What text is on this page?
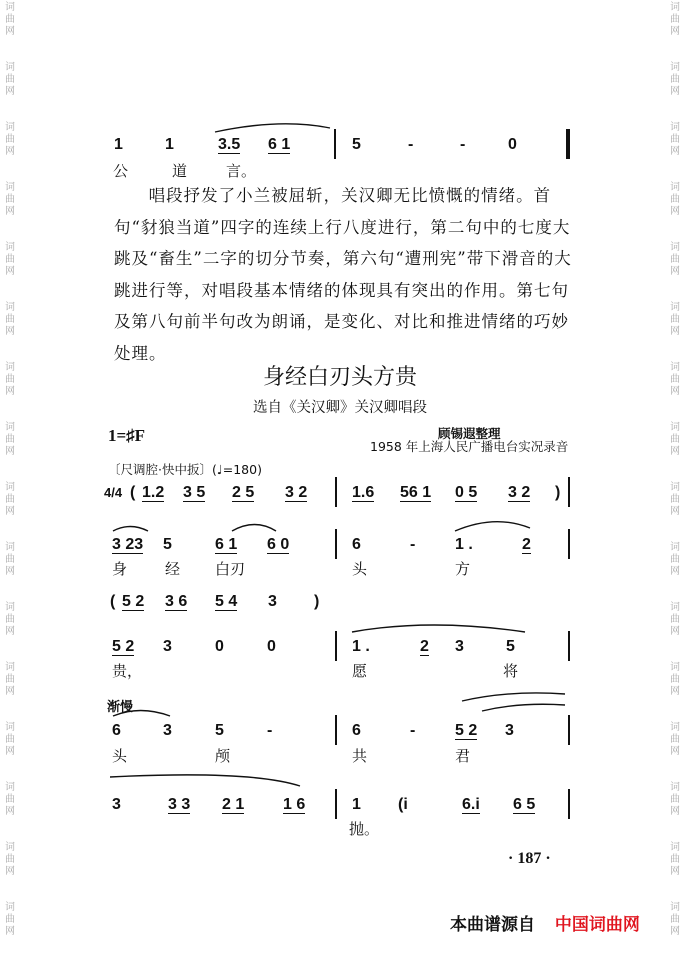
词
曲
网
词
曲
网
词
曲
网
词
曲
网
词
曲
网
词
曲
网
词
曲
网
词
曲
网
词
曲
网
词
曲
网
词
曲
网
词
曲
网
词
曲
网
词
曲
网
词
曲
网
词
曲
网
词
曲
网
词
曲
网
词
曲
网
词
曲
网
词
曲
网
词
曲
网
词
曲
网
词
曲
网
词
曲
网
词
曲
网
词
曲
网
词
曲
网
词
曲
网
词
曲
网
词
曲
网
词
曲
网
1	1	3.5 6 1	5	-	-	0
公	道	言。
( 1.2 3 5 2 5 3 2	1.6 56 1 0 5 3 2 )
3 23 5	6 1 6 0	6	- 1 .	2
身	经 白刃	头	方
( 5 2 3 6 5 4 3 )
5 2 3	0	0	1 .	2 3	5
贵，	愿	将
6	3	5	-	6	- 5 2 3
头	颅	共	君
3	3 3 2 1 1 6	1 (i	6.i 6 5
抛。
唱段抒发了小兰被屈斩，关汉卿无比愤慨的情绪。首句“豺狼当道”四字的连续上行八度进行，第二句中的七度大跳及“畜生”二字的切分节奏，第六句“遭刑宪”带下滑音的大跳进行等，对唱段基本情绪的体现具有突出的作用。第七句及第八句前半句改为朗诵，是变化、对比和推进情绪的巧妙处理。
身经白刃头方贵
选自《关汉卿》关汉卿唱段
1=♯F	顾锡遐整理
1958 年上海人民广播电台实况录音
〔尺调腔·快中扳〕(♩=180)
4/4
渐慢
· 187 ·
本曲谱源自 中国词曲网
